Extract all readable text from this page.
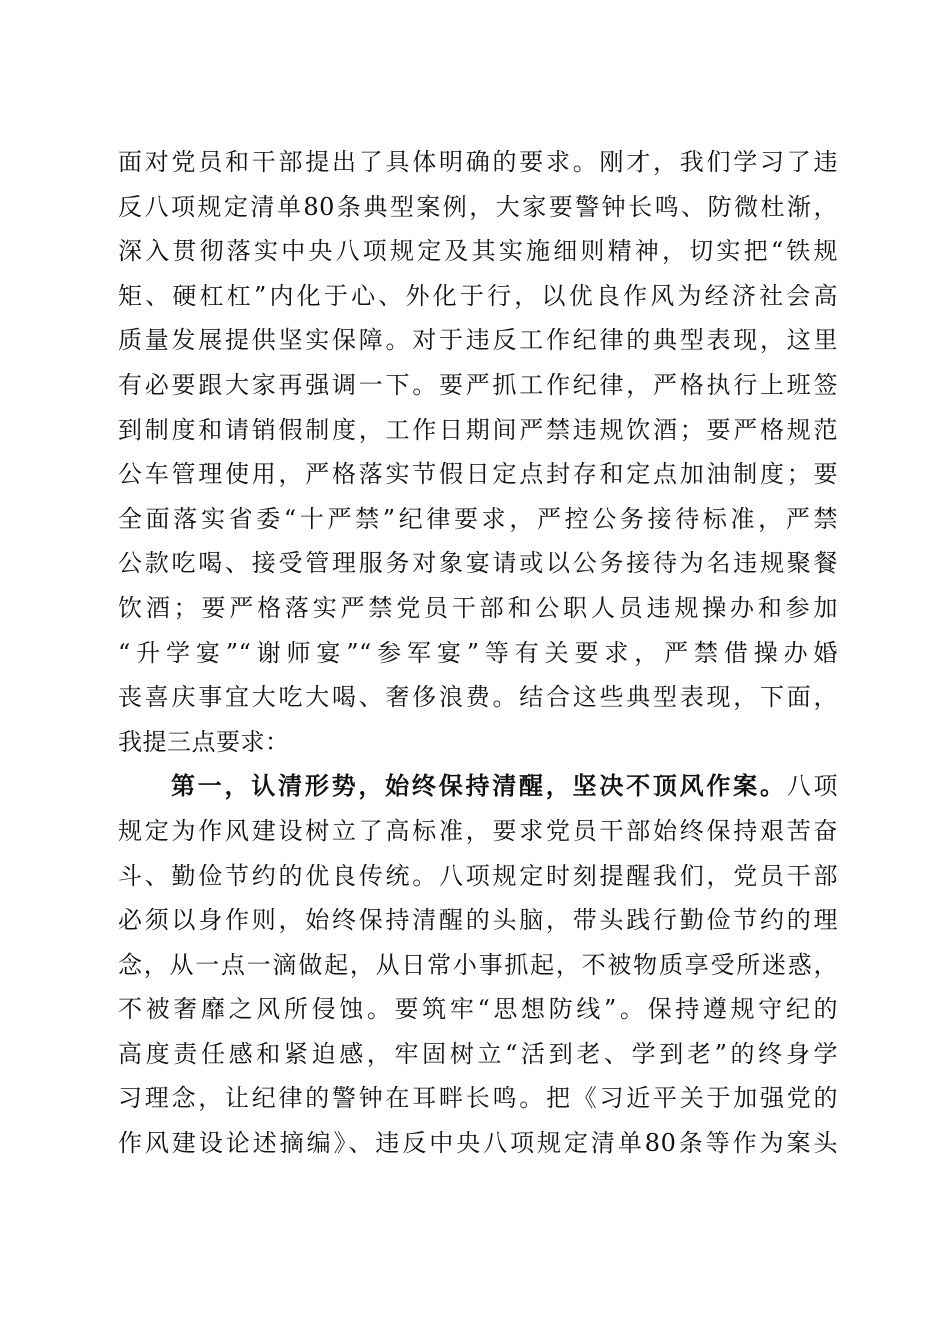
面对党员和干部提出了具体明确的要求。刚才，我们学习了违
反八项规定清单80条典型案例，大家要警钟长鸣、防微杜渐，
深入贯彻落实中央八项规定及其实施细则精神，切实把“铁规
矩、硬杠杠”内化于心、外化于行，以优良作风为经济社会高
质量发展提供坚实保障。对于违反工作纪律的典型表现，这里
有必要跟大家再强调一下。要严抓工作纪律，严格执行上班签
到制度和请销假制度，工作日期间严禁违规饮酒；要严格规范
公车管理使用，严格落实节假日定点封存和定点加油制度；要
全面落实省委“十严禁”纪律要求，严控公务接待标准，严禁
公款吃喝、接受管理服务对象宴请或以公务接待为名违规聚餐
饮酒；要严格落实严禁党员干部和公职人员违规操办和参加
“升学宴”“谢师宴”“参军宴”等有关要求，严禁借操办婚
丧喜庆事宜大吃大喝、奢侈浪费。结合这些典型表现，下面，
我提三点要求：
第一，认清形势，始终保持清醒，坚决不顶风作案。八项
规定为作风建设树立了高标准，要求党员干部始终保持艰苦奋
斗、勤俭节约的优良传统。八项规定时刻提醒我们，党员干部
必须以身作则，始终保持清醒的头脑，带头践行勤俭节约的理
念，从一点一滴做起，从日常小事抓起，不被物质享受所迷惑，
不被奢靡之风所侵蚀。要筑牢“思想防线”。保持遵规守纪的
高度责任感和紧迫感，牢固树立“活到老、学到老”的终身学
习理念，让纪律的警钟在耳畔长鸣。把《习近平关于加强党的
作风建设论述摘编》、违反中央八项规定清单80条等作为案头
